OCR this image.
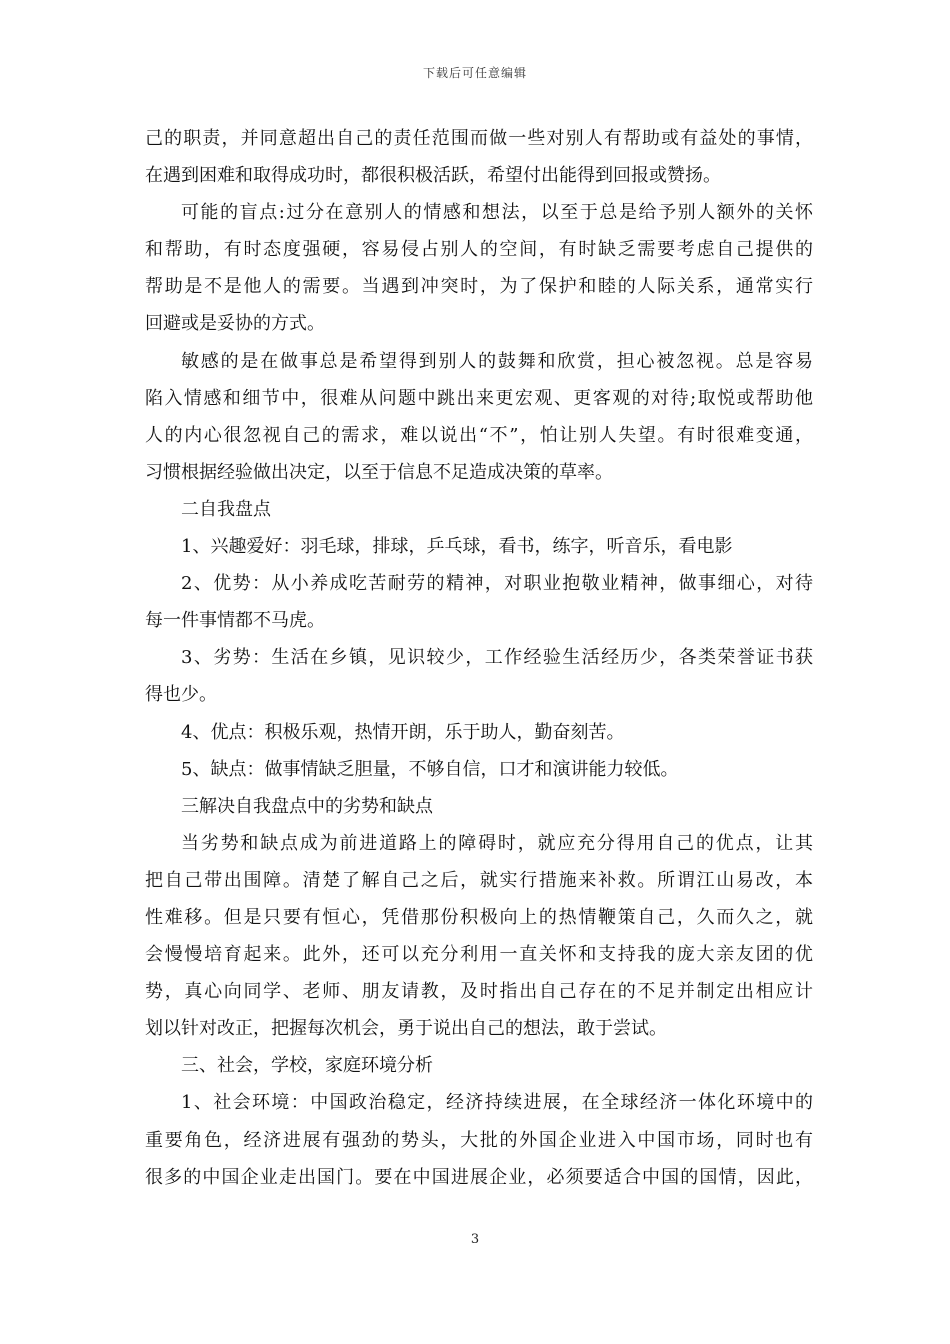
下载后可任意编辑
己的职责，并同意超出自己的责任范围而做一些对别人有帮助或有益处的事情，
在遇到困难和取得成功时，都很积极活跃，希望付出能得到回报或赞扬。
可能的盲点:过分在意别人的情感和想法，以至于总是给予别人额外的关怀
和帮助，有时态度强硬，容易侵占别人的空间，有时缺乏需要考虑自己提供的
帮助是不是他人的需要。当遇到冲突时，为了保护和睦的人际关系，通常实行
回避或是妥协的方式。
敏感的是在做事总是希望得到别人的鼓舞和欣赏，担心被忽视。总是容易
陷入情感和细节中，很难从问题中跳出来更宏观、更客观的对待;取悦或帮助他
人的内心很忽视自己的需求，难以说出“不”，怕让别人失望。有时很难变通，
习惯根据经验做出决定，以至于信息不足造成决策的草率。
二自我盘点
1、兴趣爱好：羽毛球，排球，乒乓球，看书，练字，听音乐，看电影
2、优势：从小养成吃苦耐劳的精神，对职业抱敬业精神，做事细心，对待
每一件事情都不马虎。
3、劣势：生活在乡镇，见识较少，工作经验生活经历少，各类荣誉证书获
得也少。
4、优点：积极乐观，热情开朗，乐于助人，勤奋刻苦。
5、缺点：做事情缺乏胆量，不够自信，口才和演讲能力较低。
三解决自我盘点中的劣势和缺点
当劣势和缺点成为前进道路上的障碍时，就应充分得用自己的优点，让其
把自己带出围障。清楚了解自己之后，就实行措施来补救。所谓江山易改，本
性难移。但是只要有恒心，凭借那份积极向上的热情鞭策自己，久而久之，就
会慢慢培育起来。此外，还可以充分利用一直关怀和支持我的庞大亲友团的优
势，真心向同学、老师、朋友请教，及时指出自己存在的不足并制定出相应计
划以针对改正，把握每次机会，勇于说出自己的想法，敢于尝试。
三、社会，学校，家庭环境分析
1、社会环境：中国政治稳定，经济持续进展，在全球经济一体化环境中的
重要角色，经济进展有强劲的势头，大批的外国企业进入中国市场，同时也有
很多的中国企业走出国门。要在中国进展企业，必须要适合中国的国情，因此，
3
